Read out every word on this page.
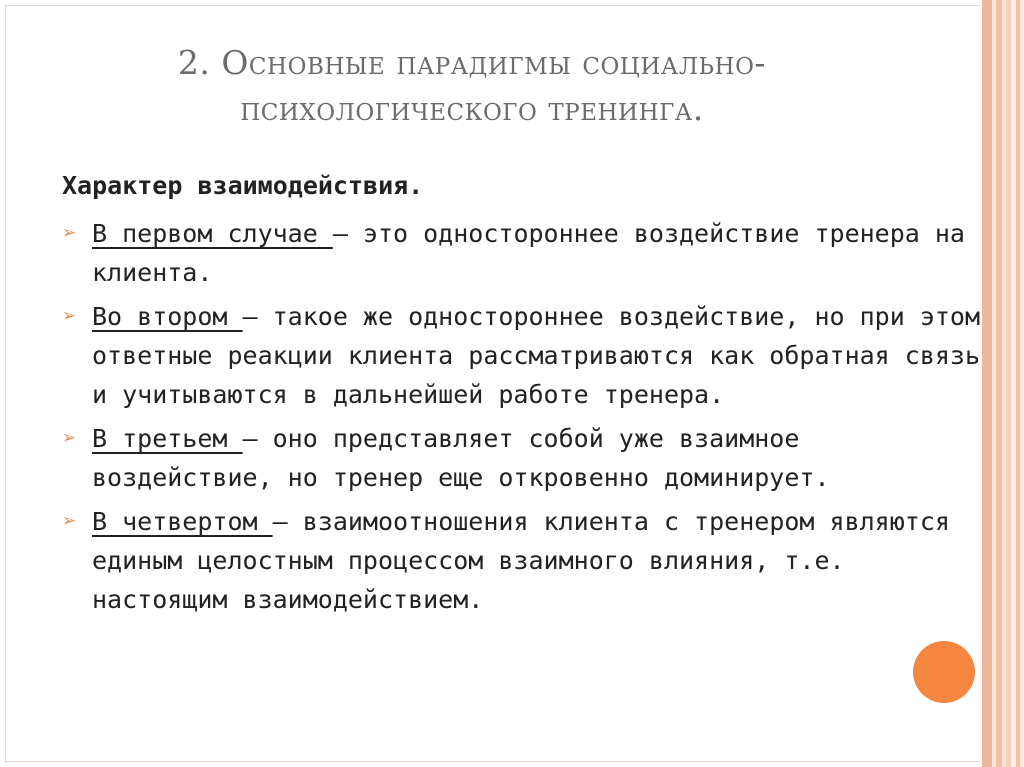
2. Основные парадигмы социально-
психологического тренинга.
Характер взаимодействия.
➢ В первом случае — это одностороннее воздействие тренера на клиента.
➢ Во втором — такое же одностороннее воздействие, но при этом ответные реакции клиента рассматриваются как обратная связь и учитываются в дальнейшей работе тренера.
➢ В третьем — оно представляет собой уже взаимное воздействие, но тренер еще откровенно доминирует.
➢ В четвертом — взаимоотношения клиента с тренером являются единым целостным процессом взаимного влияния, т.е. настоящим взаимодействием.
